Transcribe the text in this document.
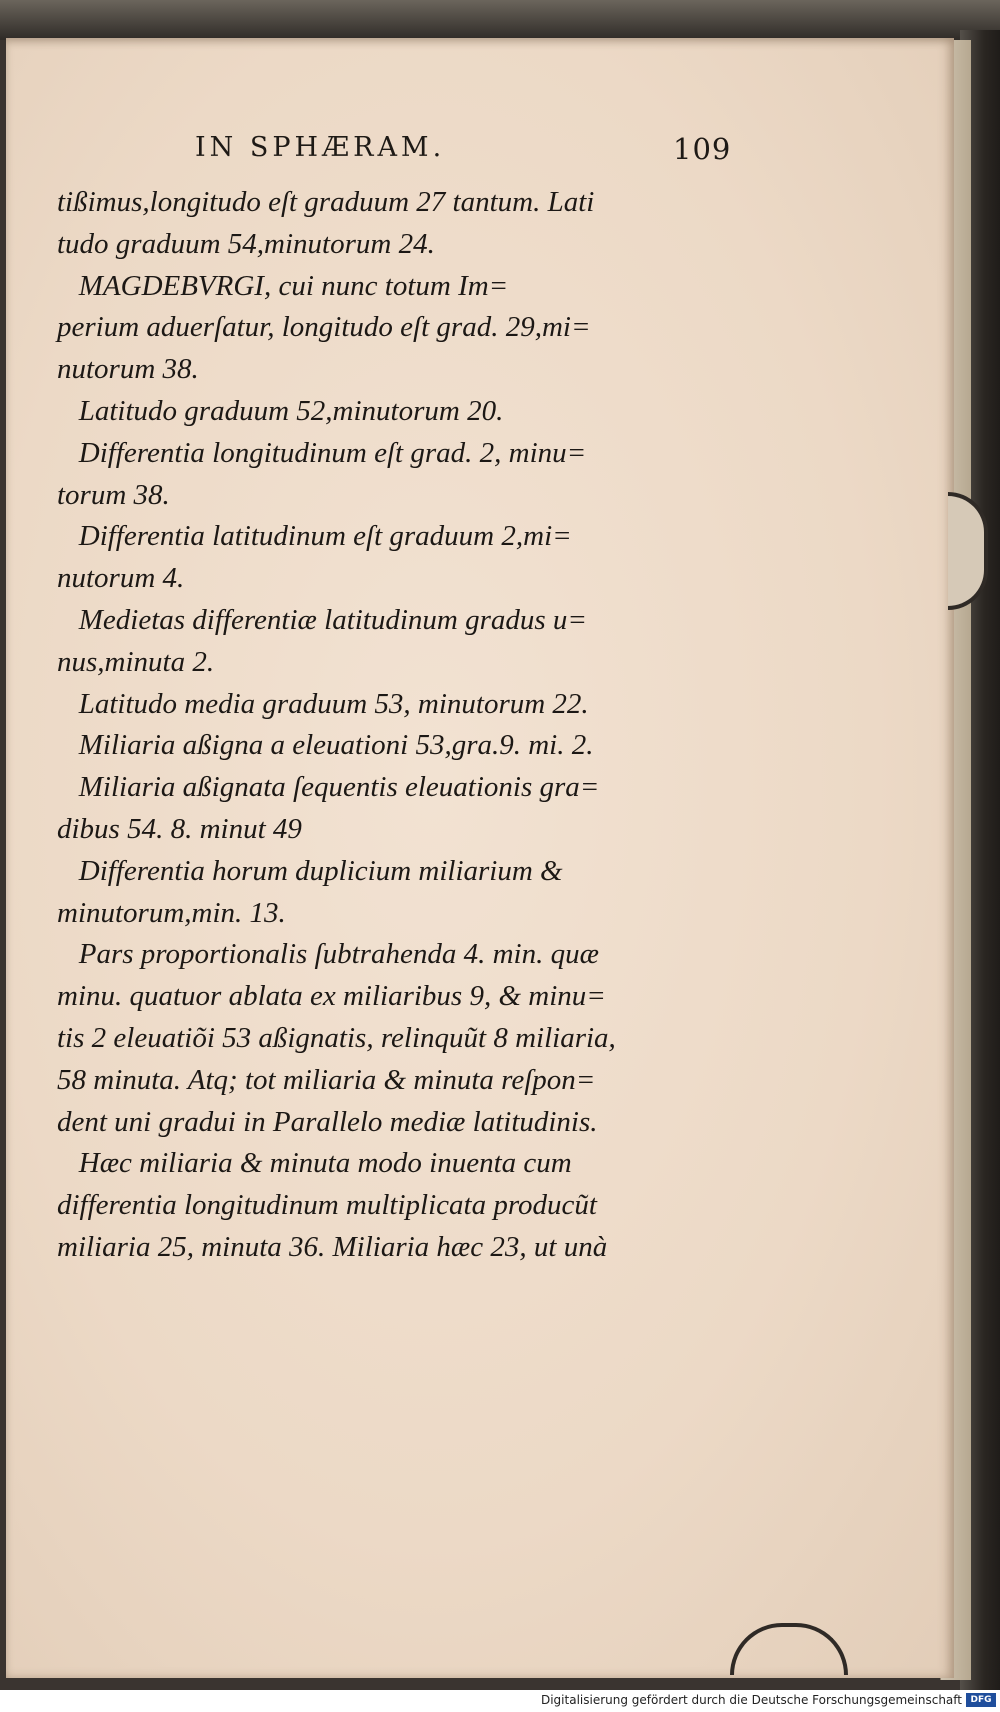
IN SPHÆRAM.	109
tißimus,longitudo eſt graduum 27 tantum. Lati
tudo graduum 54,minutorum 24.
MAGDEBVRGI, cui nunc totum Im=
perium aduerſatur, longitudo eſt grad. 29,mi=
nutorum 38.
Latitudo graduum 52,minutorum 20.
Differentia longitudinum eſt grad. 2, minu=
torum 38.
Differentia latitudinum eſt graduum 2,mi=
nutorum 4.
Medietas differentiæ latitudinum gradus u=
nus,minuta 2.
Latitudo media graduum 53, minutorum 22.
Miliaria aßigna a eleuationi 53,gra.9. mi. 2.
Miliaria aßignata ſequentis eleuationis gra=
dibus 54. 8. minut 49
Differentia horum duplicium miliarium &
minutorum,min. 13.
Pars proportionalis ſubtrahenda 4. min. quæ
minu. quatuor ablata ex miliaribus 9, & minu=
tis 2 eleuatiõi 53 aßignatis, relinquũt 8 miliaria,
58 minuta. Atq; tot miliaria & minuta reſpon=
dent uni gradui in Parallelo mediæ latitudinis.
Hæc miliaria & minuta modo inuenta cum
differentia longitudinum multiplicata producũt
miliaria 25, minuta 36. Miliaria hæc 23, ut unà
Digitalisierung gefördert durch die Deutsche Forschungsgemeinschaft DFG
